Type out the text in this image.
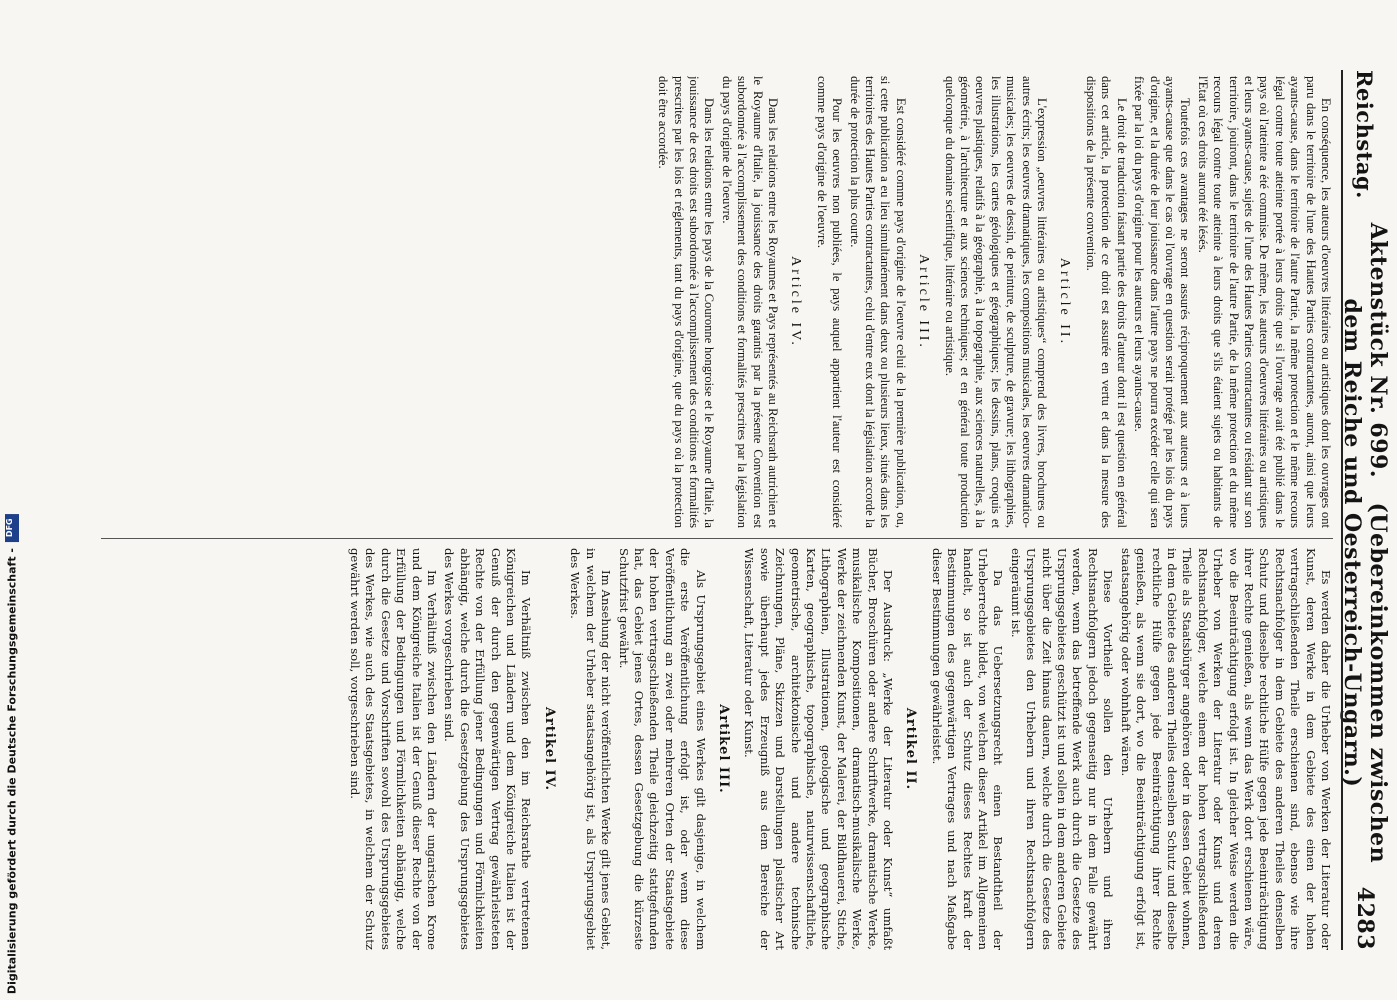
Reichstag.
Aktenstück Nr. 699.   (Uebereinkommen zwischen dem Reiche und Oesterreich-Ungarn.)
4283

En conséquence, les auteurs d'oeuvres littéraires ou artistiques dont les ouvrages ont paru dans le territoire de l'une des Hautes Parties contractantes, auront, ainsi que leurs ayants-cause, dans le territoire de l'autre Partie, la même protection et le même recours légal contre toute atteinte portée à leurs droits que si l'ouvrage avait été publié dans le pays où l'atteinte a été commise. De même, les auteurs d'oeuvres littéraires ou artistiques et leurs ayants-cause, sujets de l'une des Hautes Parties contractantes ou résidant sur son territoire, jouiront, dans le territoire de l'autre Partie, de la même protection et du même recours légal contre toute atteinte à leurs droits que s'ils étaient sujets ou habitants de l'Etat où ces droits auront été lésés.

Toutefois ces avantages ne seront assurés réciproquement aux auteurs et à leurs ayants-cause que dans le cas où l'ouvrage en question serait protégé par les lois du pays d'origine, et la durée de leur jouissance dans l'autre pays ne pourra excéder celle qui sera fixée par la loi du pays d'origine pour les auteurs et leurs ayants-cause.

Le droit de traduction faisant partie des droits d'auteur dont il est question en général dans cet article, la protection de ce droit est assurée en vertu et dans la mesure des dispositions de la présente convention.

Article II.

L'expression „oeuvres littéraires ou artistiques“ comprend des livres, brochures ou autres écrits; les oeuvres dramatiques, les compositions musicales, les oeuvres dramatico-musicales; les oeuvres de dessin, de peinture, de sculpture, de gravure; les lithographies, les illustrations, les cartes géologiques et géographiques; les dessins, plans, croquis et oeuvres plastiques, relatifs à la géographie, à la topographie, aux sciences naturelles, à la géométrie, à l'architecture et aux sciences techniques; et en général toute production quelconque du domaine scientifique, littéraire ou artistique.

Article III.

Est considéré comme pays d'origine de l'oeuvre celui de la première publication, ou, si cette publication a eu lieu simultanément dans deux ou plusieurs lieux, situés dans les territoires des Hautes Parties contractantes, celui d'entre eux dont la législation accorde la durée de protection la plus courte.

Pour les oeuvres non publiées, le pays auquel appartient l'auteur est considéré comme pays d'origine de l'oeuvre.

Article IV.

Dans les relations entre les Royaumes et Pays représentés au Reichsrath autrichien et le Royaume d'Italie, la jouissance des droits garantis par la présente Convention est subordonnée à l'accomplissement des conditions et formalités prescrites par la législation du pays d'origine de l'oeuvre.

Dans les relations entre les pays de la Couronne hongroise et le Royaume d'Italie, la jouissance de ces droits est subordonnée à l'accomplissement des conditions et formalités prescrites par les lois et réglements, tant du pays d'origine, que du pays où la protection doit être accordée.

Es werden daher die Urheber von Werken der Literatur oder Kunst, deren Werke in dem Gebiete des einen der hohen vertragschließenden Theile erschienen sind, ebenso wie ihre Rechtsnachfolger in dem Gebiete des anderen Theiles denselben Schutz und dieselbe rechtliche Hülfe gegen jede Beeinträchtigung ihrer Rechte genießen, als wenn das Werk dort erschienen wäre, wo die Beeinträchtigung erfolgt ist. In gleicher Weise werden die Urheber von Werken der Literatur oder Kunst und deren Rechtsnachfolger, welche einem der hohen vertragschließenden Theile als Staatsbürger angehören oder in dessen Gebiet wohnen, in dem Gebiete des anderen Theiles denselben Schutz und dieselbe rechtliche Hülfe gegen jede Beeinträchtigung ihrer Rechte genießen, als wenn sie dort, wo die Beeinträchtigung erfolgt ist, staatsangehörig oder wohnhaft wären.

Diese Vortheile sollen den Urhebern und ihren Rechtsnachfolgern jedoch gegenseitig nur in dem Falle gewährt werden, wenn das betreffende Werk auch durch die Gesetze des Ursprungsgebietes geschützt ist und sollen in dem anderen Gebiete nicht über die Zeit hinaus dauern, welche durch die Gesetze des Ursprungsgebietes den Urhebern und ihren Rechtsnachfolgern eingeräumt ist.

Da das Uebersetzungsrecht einen Bestandtheil der Urheberrechte bildet, von welchen dieser Artikel im Allgemeinen handelt, so ist auch der Schutz dieses Rechtes kraft der Bestimmungen des gegenwärtigen Vertrages und nach Maßgabe dieser Bestimmungen gewährleistet.

Artikel II.

Der Ausdruck: „Werke der Literatur oder Kunst“ umfaßt Bücher, Broschüren oder andere Schriftwerke, dramatische Werke, musikalische Kompositionen, dramatisch-musikalische Werke, Werke der zeichnenden Kunst, der Malerei, der Bildhauerei, Stiche, Lithographien, Illustrationen, geologische und geographische Karten, geographische, topographische, naturwissenschaftliche, geometrische, architektonische und andere technische Zeichnungen, Pläne, Skizzen und Darstellungen plastischer Art sowie überhaupt jedes Erzeugniß aus dem Bereiche der Wissenschaft, Literatur oder Kunst.

Artikel III.

Als Ursprungsgebiet eines Werkes gilt dasjenige, in welchem die erste Veröffentlichung erfolgt ist, oder wenn diese Veröffentlichung an zwei oder mehreren Orten der Staatsgebiete der hohen vertragschließenden Theile gleichzeitig stattgefunden hat, das Gebiet jenes Ortes, dessen Gesetzgebung die kürzeste Schutzfrist gewährt.

Im Ansehung der nicht veröffentlichten Werke gilt jenes Gebiet, in welchem der Urheber staatsangehörig ist, als Ursprungsgebiet des Werkes.

Artikel IV.

Im Verhältniß zwischen den im Reichsrathe vertretenen Königreichen und Ländern und dem Königreiche Italien ist der Genuß der durch den gegenwärtigen Vertrag gewährleisteten Rechte von der Erfüllung jener Bedingungen und Förmlichkeiten abhängig, welche durch die Gesetzgebung des Ursprungsgebietes des Werkes vorgeschrieben sind.

Im Verhältniß zwischen den Ländern der ungarischen Krone und dem Königreiche Italien ist der Genuß dieser Rechte von der Erfüllung der Bedingungen und Förmlichkeiten abhängig, welche durch die Gesetze und Vorschriften sowohl des Ursprungsgebietes des Werkes, wie auch des Staatsgebietes, in welchem der Schutz gewährt werden soll, vorgeschrieben sind.

Digitalisierung gefördert durch die Deutsche Forschungsgemeinschaft -
DFG
